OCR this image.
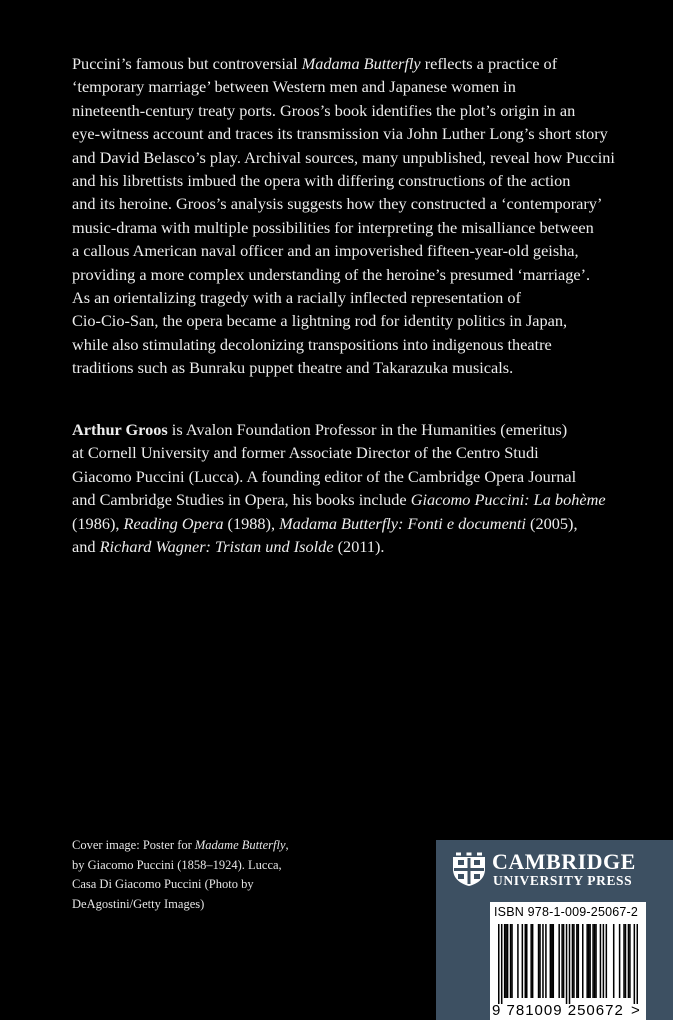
Puccini’s famous but controversial Madama Butterfly reflects a practice of
‘temporary marriage’ between Western men and Japanese women in
nineteenth-century treaty ports. Groos’s book identifies the plot’s origin in an
eye-witness account and traces its transmission via John Luther Long’s short story
and David Belasco’s play. Archival sources, many unpublished, reveal how Puccini
and his librettists imbued the opera with differing constructions of the action
and its heroine. Groos’s analysis suggests how they constructed a ‘contemporary’
music-drama with multiple possibilities for interpreting the misalliance between
a callous American naval officer and an impoverished fifteen-year-old geisha,
providing a more complex understanding of the heroine’s presumed ‘marriage’.
As an orientalizing tragedy with a racially inflected representation of
Cio-Cio-San, the opera became a lightning rod for identity politics in Japan,
while also stimulating decolonizing transpositions into indigenous theatre
traditions such as Bunraku puppet theatre and Takarazuka musicals.
Arthur Groos is Avalon Foundation Professor in the Humanities (emeritus)
at Cornell University and former Associate Director of the Centro Studi
Giacomo Puccini (Lucca). A founding editor of the Cambridge Opera Journal
and Cambridge Studies in Opera, his books include Giacomo Puccini: La bohème
(1986), Reading Opera (1988), Madama Butterfly: Fonti e documenti (2005),
and Richard Wagner: Tristan und Isolde (2011).
Cover image: Poster for Madame Butterfly,
by Giacomo Puccini (1858–1924). Lucca,
Casa Di Giacomo Puccini (Photo by
DeAgostini/Getty Images)
CAMBRIDGE
UNIVERSITY PRESS
ISBN 978-1-009-25067-2
9 781009 250672 >
